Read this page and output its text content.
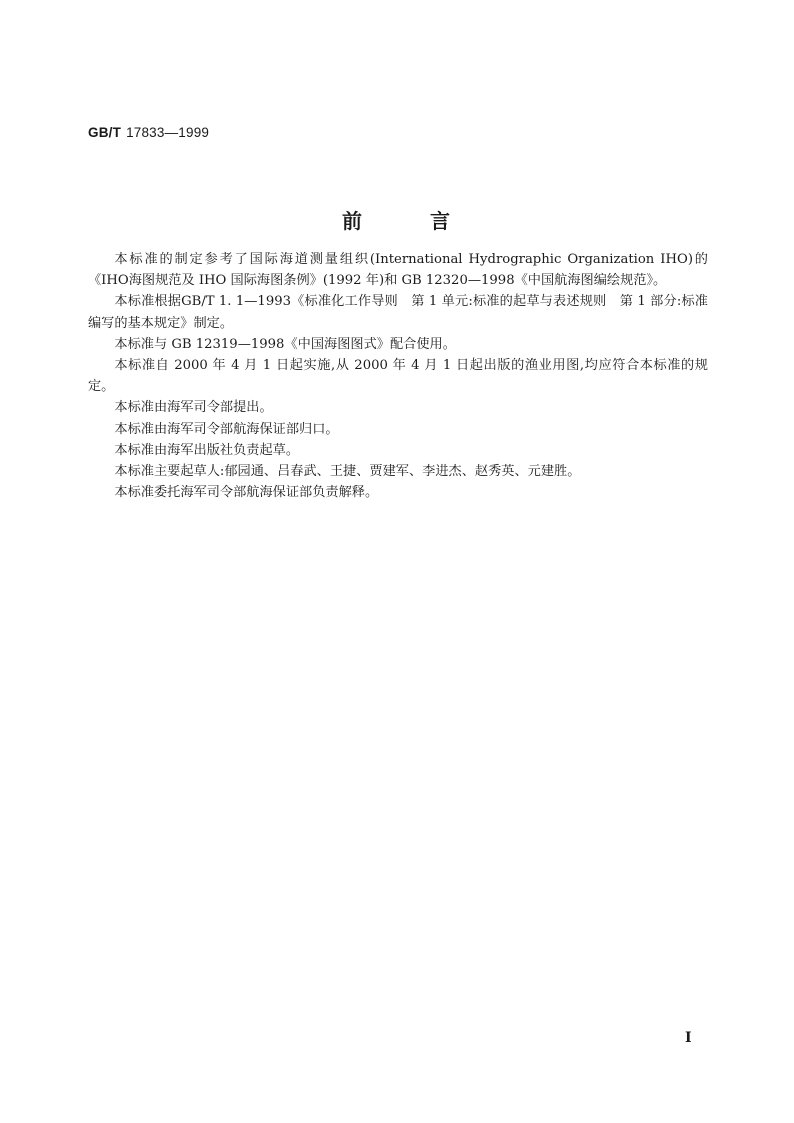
GB/T 17833—1999
前　　　言

本标准的制定参考了国际海道测量组织(International Hydrographic Organization IHO)的《IHO海图规范及 IHO 国际海图条例》(1992 年)和 GB 12320—1998《中国航海图编绘规范》。

本标准根据GB/T 1. 1—1993《标准化工作导则　第 1 单元:标准的起草与表述规则　第 1 部分:标准编写的基本规定》制定。

本标准与 GB 12319—1998《中国海图图式》配合使用。

本标准自 2000 年 4 月 1 日起实施,从 2000 年 4 月 1 日起出版的渔业用图,均应符合本标准的规定。

本标准由海军司令部提出。

本标准由海军司令部航海保证部归口。

本标准由海军出版社负责起草。

本标准主要起草人:郁园通、吕春武、王捷、贾建军、李进杰、赵秀英、元建胜。

本标准委托海军司令部航海保证部负责解释。

I
